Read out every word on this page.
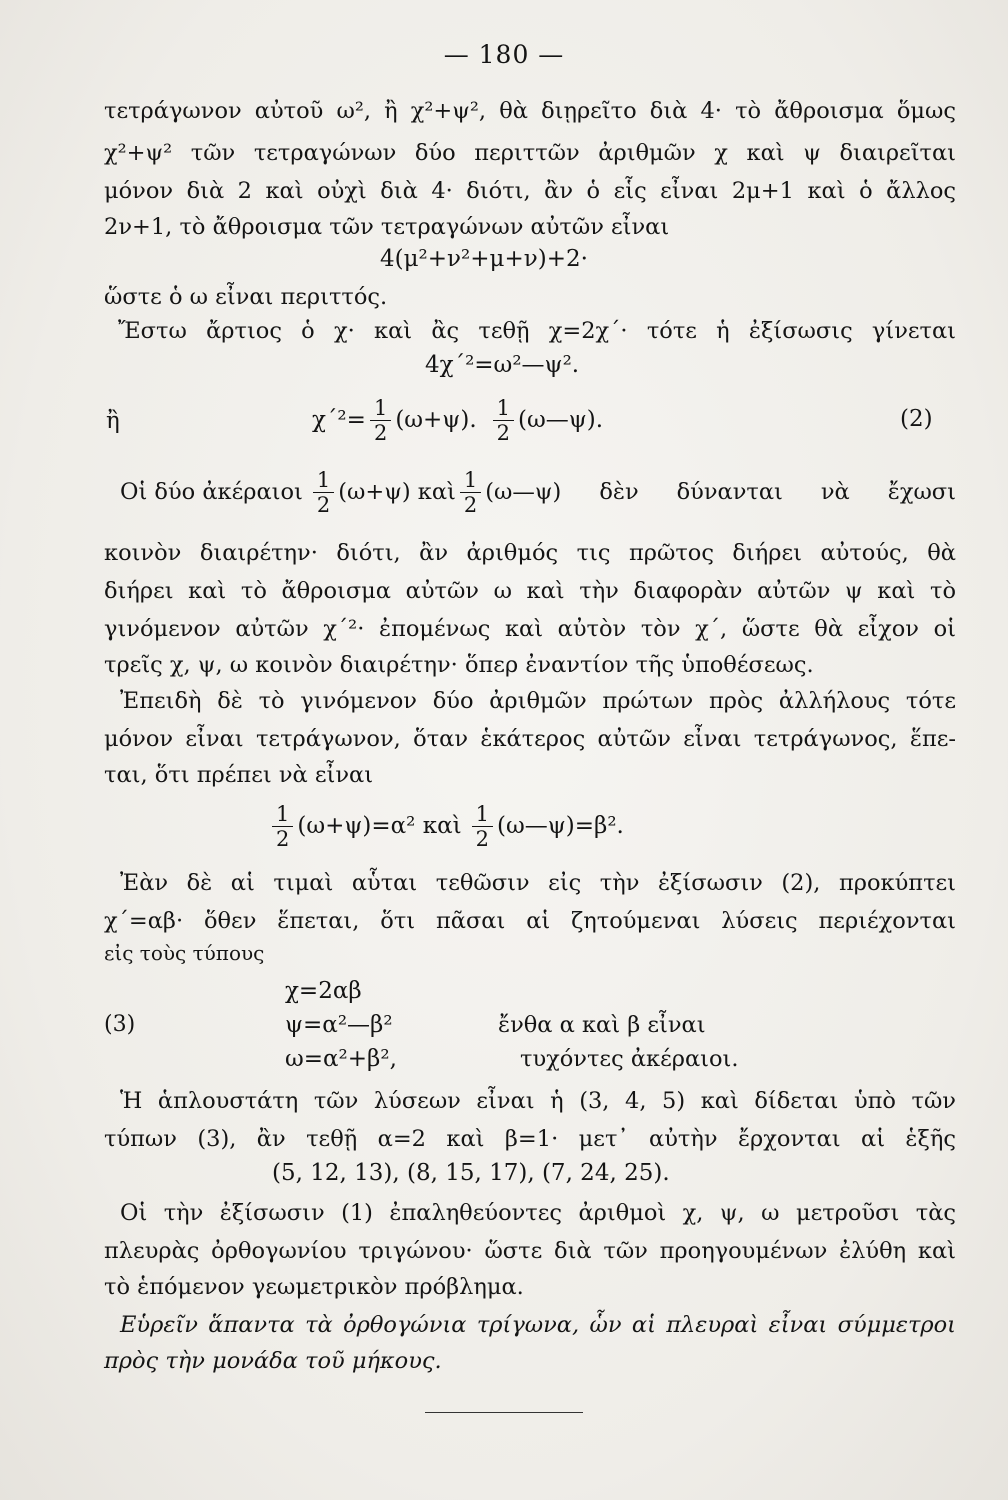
— 180 —
τετράγωνον αὐτοῦ ω², ἢ χ²+ψ², θὰ διῃρεῖτο διὰ 4· τὸ ἄθροισμα ὅμως
χ²+ψ² τῶν τετραγώνων δύο περιττῶν ἀριθμῶν χ καὶ ψ διαιρεῖται
μόνον διὰ 2 καὶ οὐχὶ διὰ 4· διότι, ἂν ὁ εἷς εἶναι 2μ+1 καὶ ὁ ἄλλος
2ν+1, τὸ ἄθροισμα τῶν τετραγώνων αὐτῶν εἶναι
4(μ²+ν²+μ+ν)+2·
ὥστε ὁ ω εἶναι περιττός.
Ἔστω ἄρτιος ὁ χ· καὶ ἂς τεθῇ χ=2χ΄· τότε ἡ ἐξίσωσις γίνεται
4χ΄²=ω²—ψ².
ἢ	$\chi΄^2= \frac{1}{2} (\omega+\psi)$. $\frac{1}{2}$ (ω—ψ).	(2)
Οἱ δύο ἀκέραιοι $\frac{1}{2} (\omega+\psi)$ καὶ $\frac{1}{2}$ (ω—ψ) δὲν δύνανται νὰ ἔχωσι
κοινὸν διαιρέτην· διότι, ἂν ἀριθμός τις πρῶτος διήρει αὐτούς, θὰ
διήρει καὶ τὸ ἄθροισμα αὐτῶν ω καὶ τὴν διαφορὰν αὐτῶν ψ καὶ τὸ
γινόμενον αὐτῶν χ΄²· ἐπομένως καὶ αὐτὸν τὸν χ΄, ὥστε θὰ εἶχον οἱ
τρεῖς χ, ψ, ω κοινὸν διαιρέτην· ὅπερ ἐναντίον τῆς ὑποθέσεως.
Ἐπειδὴ δὲ τὸ γινόμενον δύο ἀριθμῶν πρώτων πρὸς ἀλλήλους τότε
μόνον εἶναι τετράγωνον, ὅταν ἑκάτερος αὐτῶν εἶναι τετράγωνος, ἕπε-
ται, ὅτι πρέπει νὰ εἶναι
$\frac{1}{2} (\omega+\psi)=\alpha^2$ καὶ $\frac{1}{2}$ (ω—ψ)=β².
Ἐὰν δὲ αἱ τιμαὶ αὗται τεθῶσιν εἰς τὴν ἐξίσωσιν (2), προκύπτει
χ΄=αβ· ὅθεν ἕπεται, ὅτι πᾶσαι αἱ ζητούμεναι λύσεις περιέχονται
εἰς τοὺς τύπους
χ=2αβ
(3)	ψ=α²—β²	ἔνθα α καὶ β εἶναι
ω=α²+β²,	τυχόντες ἀκέραιοι.
Ἡ ἁπλουστάτη τῶν λύσεων εἶναι ἡ (3, 4, 5) καὶ δίδεται ὑπὸ τῶν
τύπων (3), ἂν τεθῇ α=2 καὶ β=1· μετ᾽ αὐτὴν ἔρχονται αἱ ἑξῆς
(5, 12, 13), (8, 15, 17), (7, 24, 25).
Οἱ τὴν ἐξίσωσιν (1) ἐπαληθεύοντες ἀριθμοὶ χ, ψ, ω μετροῦσι τὰς
πλευρὰς ὀρθογωνίου τριγώνου· ὥστε διὰ τῶν προηγουμένων ἐλύθη καὶ
τὸ ἑπόμενον γεωμετρικὸν πρόβλημα.
Εὑρεῖν ἅπαντα τὰ ὀρθογώνια τρίγωνα, ὧν αἱ πλευραὶ εἶναι σύμμετροι
πρὸς τὴν μονάδα τοῦ μήκους.
